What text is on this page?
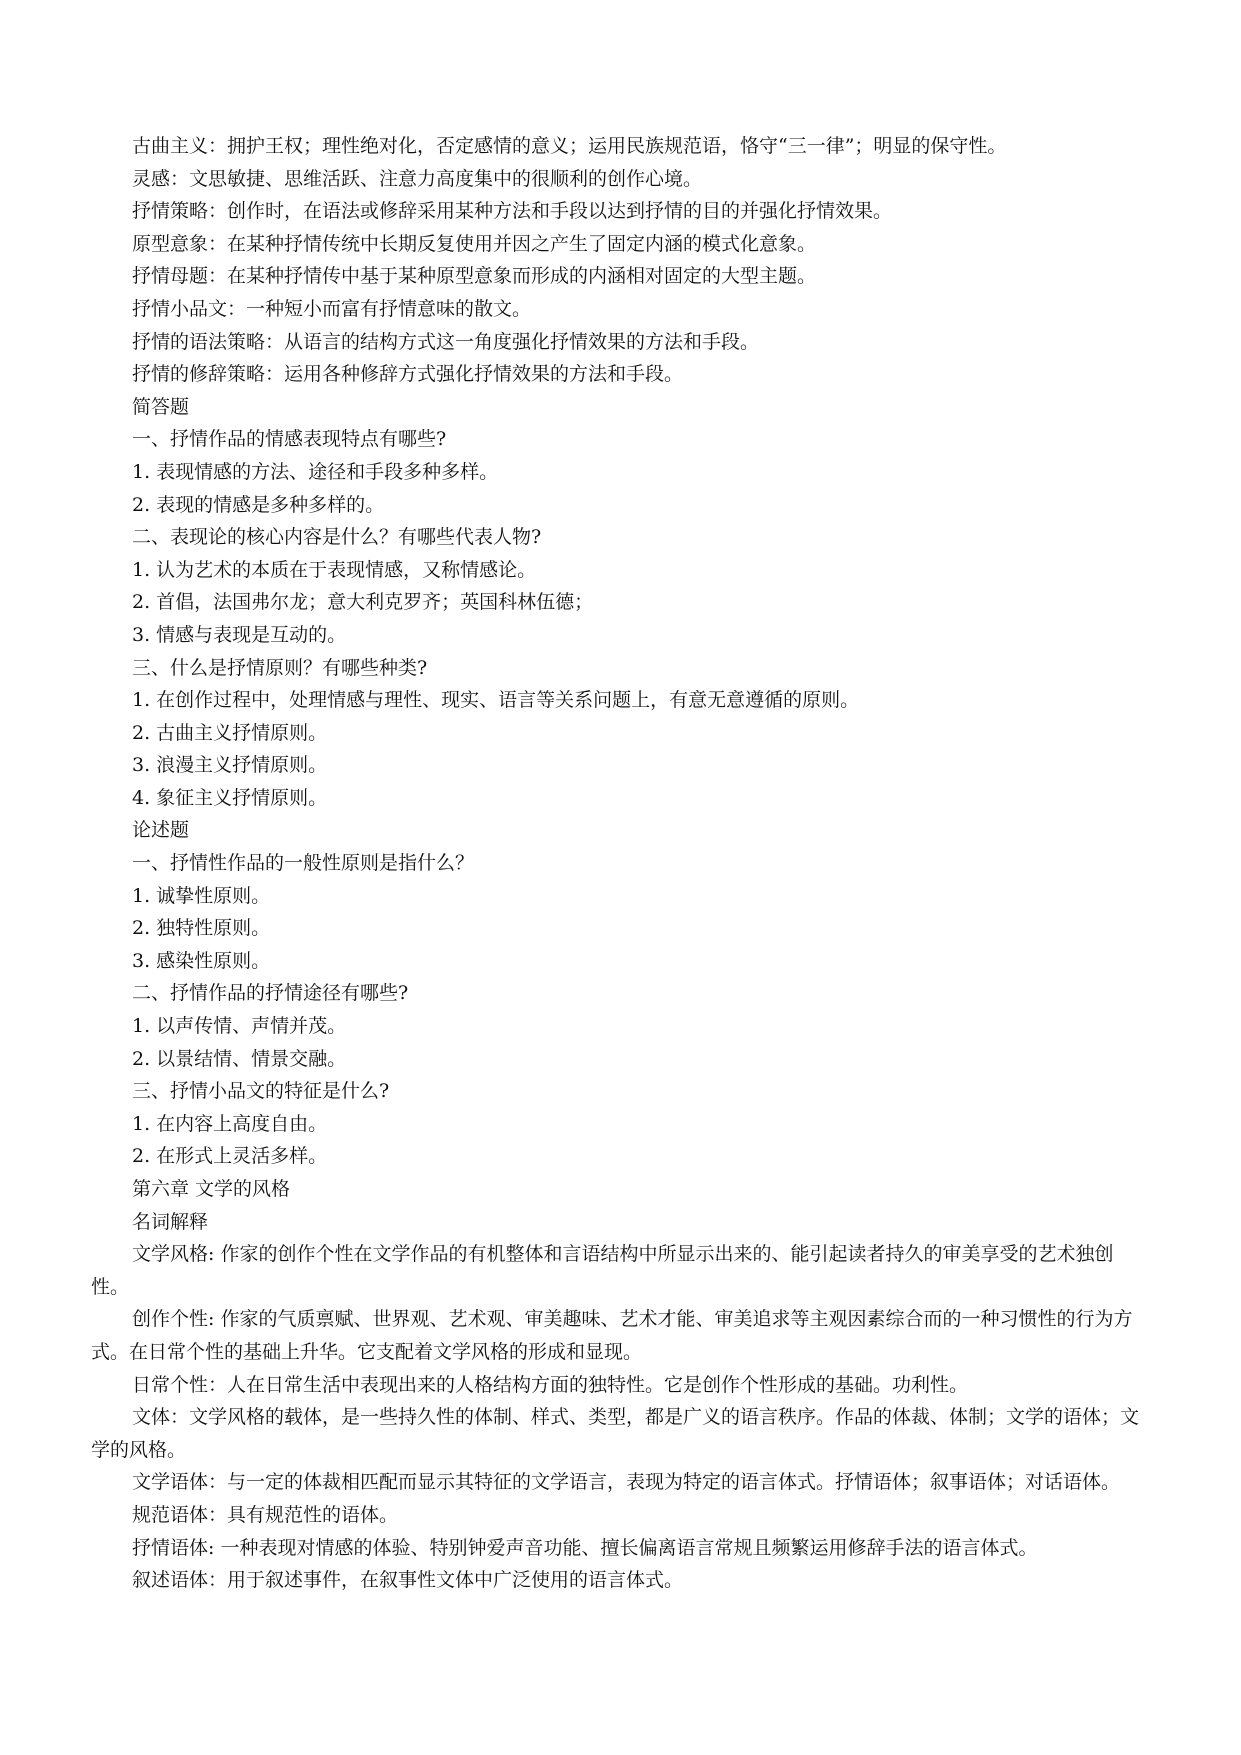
古曲主义：拥护王权；理性绝对化，否定感情的意义；运用民族规范语，恪守“三一律”；明显的保守性。

灵感：文思敏捷、思维活跃、注意力高度集中的很顺利的创作心境。

抒情策略：创作时，在语法或修辞采用某种方法和手段以达到抒情的目的并强化抒情效果。

原型意象：在某种抒情传统中长期反复使用并因之产生了固定内涵的模式化意象。

抒情母题：在某种抒情传中基于某种原型意象而形成的内涵相对固定的大型主题。

抒情小品文：一种短小而富有抒情意味的散文。

抒情的语法策略：从语言的结构方式这一角度强化抒情效果的方法和手段。

抒情的修辞策略：运用各种修辞方式强化抒情效果的方法和手段。

简答题

一、抒情作品的情感表现特点有哪些?

1. 表现情感的方法、途径和手段多种多样。

2. 表现的情感是多种多样的。

二、表现论的核心内容是什么？有哪些代表人物?

1. 认为艺术的本质在于表现情感，又称情感论。

2. 首倡，法国弗尔龙；意大利克罗齐；英国科林伍德；

3. 情感与表现是互动的。

三、什么是抒情原则？有哪些种类?

1. 在创作过程中，处理情感与理性、现实、语言等关系问题上，有意无意遵循的原则。

2. 古曲主义抒情原则。

3. 浪漫主义抒情原则。

4. 象征主义抒情原则。

论述题

一、抒情性作品的一般性原则是指什么？

1. 诚挚性原则。

2. 独特性原则。

3. 感染性原则。

二、抒情作品的抒情途径有哪些?

1. 以声传情、声情并茂。

2. 以景结情、情景交融。

三、抒情小品文的特征是什么?

1. 在内容上高度自由。

2. 在形式上灵活多样。

第六章 文学的风格

名词解释

文学风格: 作家的创作个性在文学作品的有机整体和言语结构中所显示出来的、能引起读者持久的审美享受的艺术独创性。

创作个性: 作家的气质禀赋、世界观、艺术观、审美趣味、艺术才能、审美追求等主观因素综合而的一种习惯性的行为方式。在日常个性的基础上升华。它支配着文学风格的形成和显现。

日常个性：人在日常生活中表现出来的人格结构方面的独特性。它是创作个性形成的基础。功利性。

文体：文学风格的载体，是一些持久性的体制、样式、类型，都是广义的语言秩序。作品的体裁、体制；文学的语体；文学的风格。

文学语体：与一定的体裁相匹配而显示其特征的文学语言，表现为特定的语言体式。抒情语体；叙事语体；对话语体。

规范语体：具有规范性的语体。

抒情语体: 一种表现对情感的体验、特别钟爱声音功能、擅长偏离语言常规且频繁运用修辞手法的语言体式。

叙述语体：用于叙述事件，在叙事性文体中广泛使用的语言体式。
